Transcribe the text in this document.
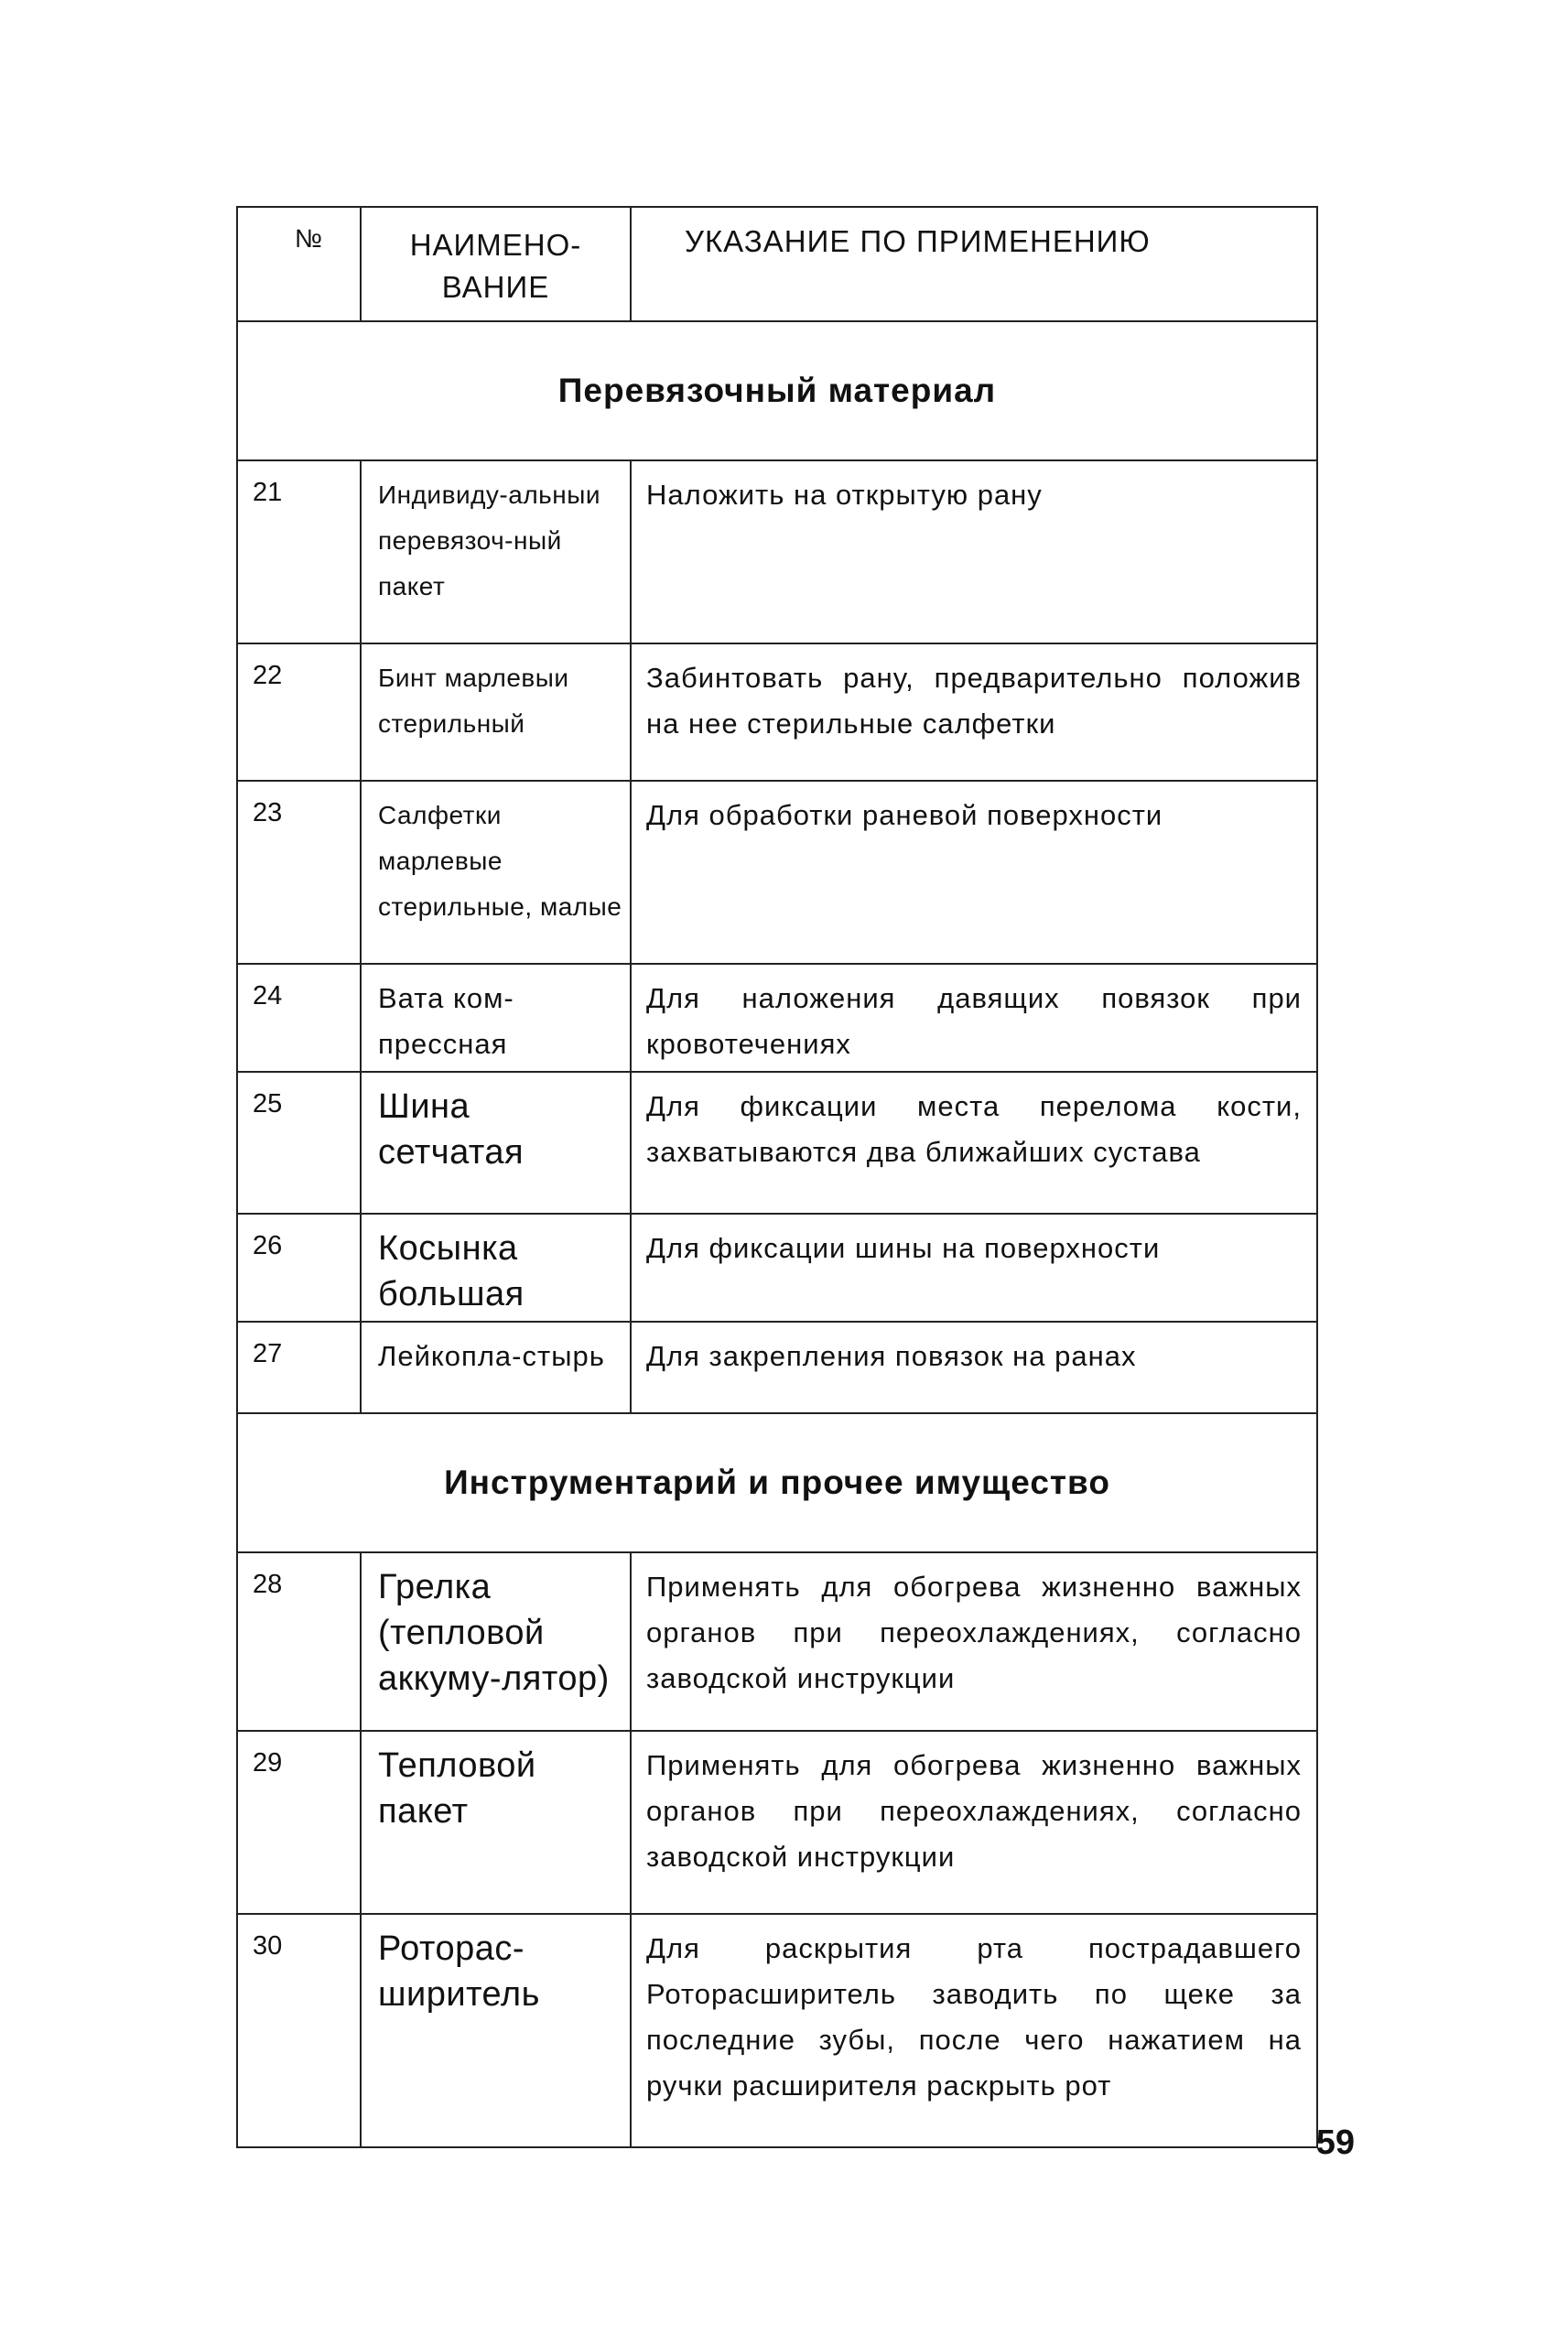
№	НАИМЕНО-ВАНИЕ	УКАЗАНИЕ ПО ПРИМЕНЕНИЮ
Перевязочный материал		
21	Индивиду-альныи перевязоч-ный пакет	Наложить на открытую рану

22	Бинт марлевыи стерильный	Забинтовать рану, предварительно положив на нее стерильные салфетки

23	Салфетки марлевые стерильные, малые	Для обработки раневой поверхности

24	Вата ком-прессная	Для наложения давящих повязок при кровотечениях

25	Шина сетчатая	Для фиксации места перелома кости, захватываются два ближайших сустава

26	Косынка большая	Для фиксации шины на поверхности

27	Лейкопла-стырь	Для закрепления повязок на ранах

Инструментарий и прочее имущество		
28	Грелка (тепловой аккуму-лятор)	Применять для обогрева жизненно важных органов при переохлаждениях, согласно заводской инструкции

29	Тепловой пакет	Применять для обогрева жизненно важных органов при переохлаждениях, согласно заводской инструкции

30	Роторас-ширитель	Для раскрытия рта пострадавшего Роторасширитель заводить по щеке за последние зубы, после чего нажатием на ручки расширителя раскрыть рот
59
